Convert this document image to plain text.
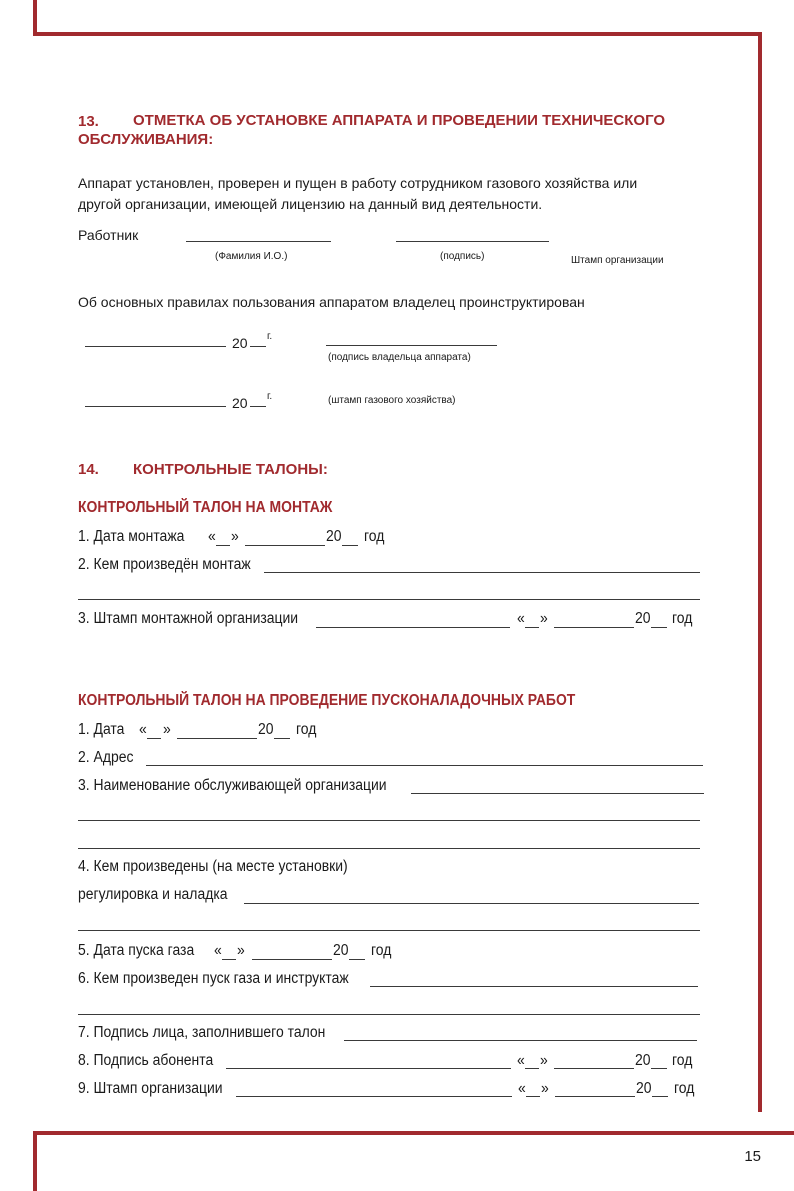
13. ОТМЕТКА ОБ УСТАНОВКЕ АППАРАТА И ПРОВЕДЕНИИ ТЕХНИЧЕСКОГО
ОБСЛУЖИВАНИЯ:
Аппарат установлен, проверен и пущен в работу сотрудником газового хозяйства или
другой организации, имеющей лицензию на данный вид деятельности.
Работник
(Фамилия И.О.)	(подпись)	Штамп организации
Об основных правилах пользования аппаратом владелец проинструктирован
20 г.
(подпись владельца аппарата)
20 г.	(штамп газового хозяйства)
14. КОНТРОЛЬНЫЕ ТАЛОНЫ:
КОНТРОЛЬНЫЙ ТАЛОН НА МОНТАЖ
1. Дата монтажа « »	20 год
2. Кем произведён монтаж
3. Штамп монтажной организации	« »	20 год
КОНТРОЛЬНЫЙ ТАЛОН НА ПРОВЕДЕНИЕ ПУСКОНАЛАДОЧНЫХ РАБОТ
1. Дата « »	20 год
2. Адрес
3. Наименование обслуживающей организации
4. Кем произведены (на месте установки)
регулировка и наладка
5. Дата пуска газа « »	20 год
6. Кем произведен пуск газа и инструктаж
7. Подпись лица, заполнившего талон
8. Подпись абонента	« »	20 год
9. Штамп организации	« »	20 год
15
